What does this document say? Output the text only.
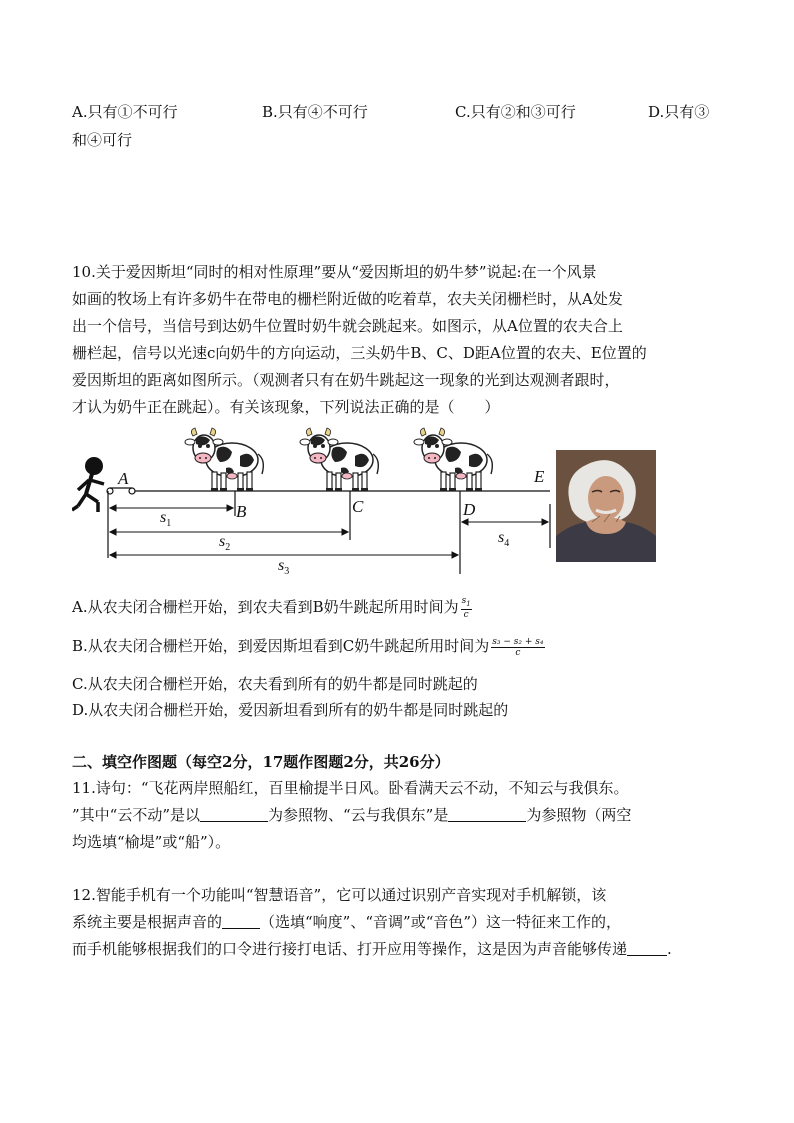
A.只有①不可行	B.只有④不可行	C.只有②和③可行	D.只有③
和④可行
10.关于爱因斯坦“同时的相对性原理”要从“爱因斯坦的奶牛梦”说起:在一个风景
如画的牧场上有许多奶牛在带电的栅栏附近做的吃着草，农夫关闭栅栏时，从A处发
出一个信号，当信号到达奶牛位置时奶牛就会跳起来。如图示，从A位置的农夫合上
栅栏起，信号以光速c向奶牛的方向运动，三头奶牛B、C、D距A位置的农夫、E位置的
爱因斯坦的距离如图所示。（观测者只有在奶牛跳起这一现象的光到达观测者跟时，
才认为奶牛正在跳起）。有关该现象，下列说法正确的是（　　）
A
B	C	D
E
$s_1$
$s_2$
$s_3$
$s_4$
A.从农夫闭合栅栏开始，到农夫看到B奶牛跳起所用时间为 $\frac{s_1}{c}$
B.从农夫闭合栅栏开始，到爱因斯坦看到C奶牛跳起所用时间为 $\frac{\text{s₃ − s₂ + s₄}}{c}$
C.从农夫闭合栅栏开始，农夫看到所有的奶牛都是同时跳起的
D.从农夫闭合栅栏开始，爱因新坦看到所有的奶牛都是同时跳起的
二、填空作图题（每空2分，17题作图题2分，共26分）
11.诗句：“飞花两岸照船红，百里榆提半日风。卧看满天云不动，不知云与我俱东。
”其中“云不动”是以	为参照物、“云与我俱东”是	为参照物（两空
均选填“榆堤”或“船”）。
12.智能手机有一个功能叫“智慧语音”，它可以通过识别产音实现对手机解锁，该
系统主要是根据声音的	（选填“响度”、“音调”或“音色”）这一特征来工作的，
而手机能够根据我们的口令进行接打电话、打开应用等操作，这是因为声音能够传递	.
